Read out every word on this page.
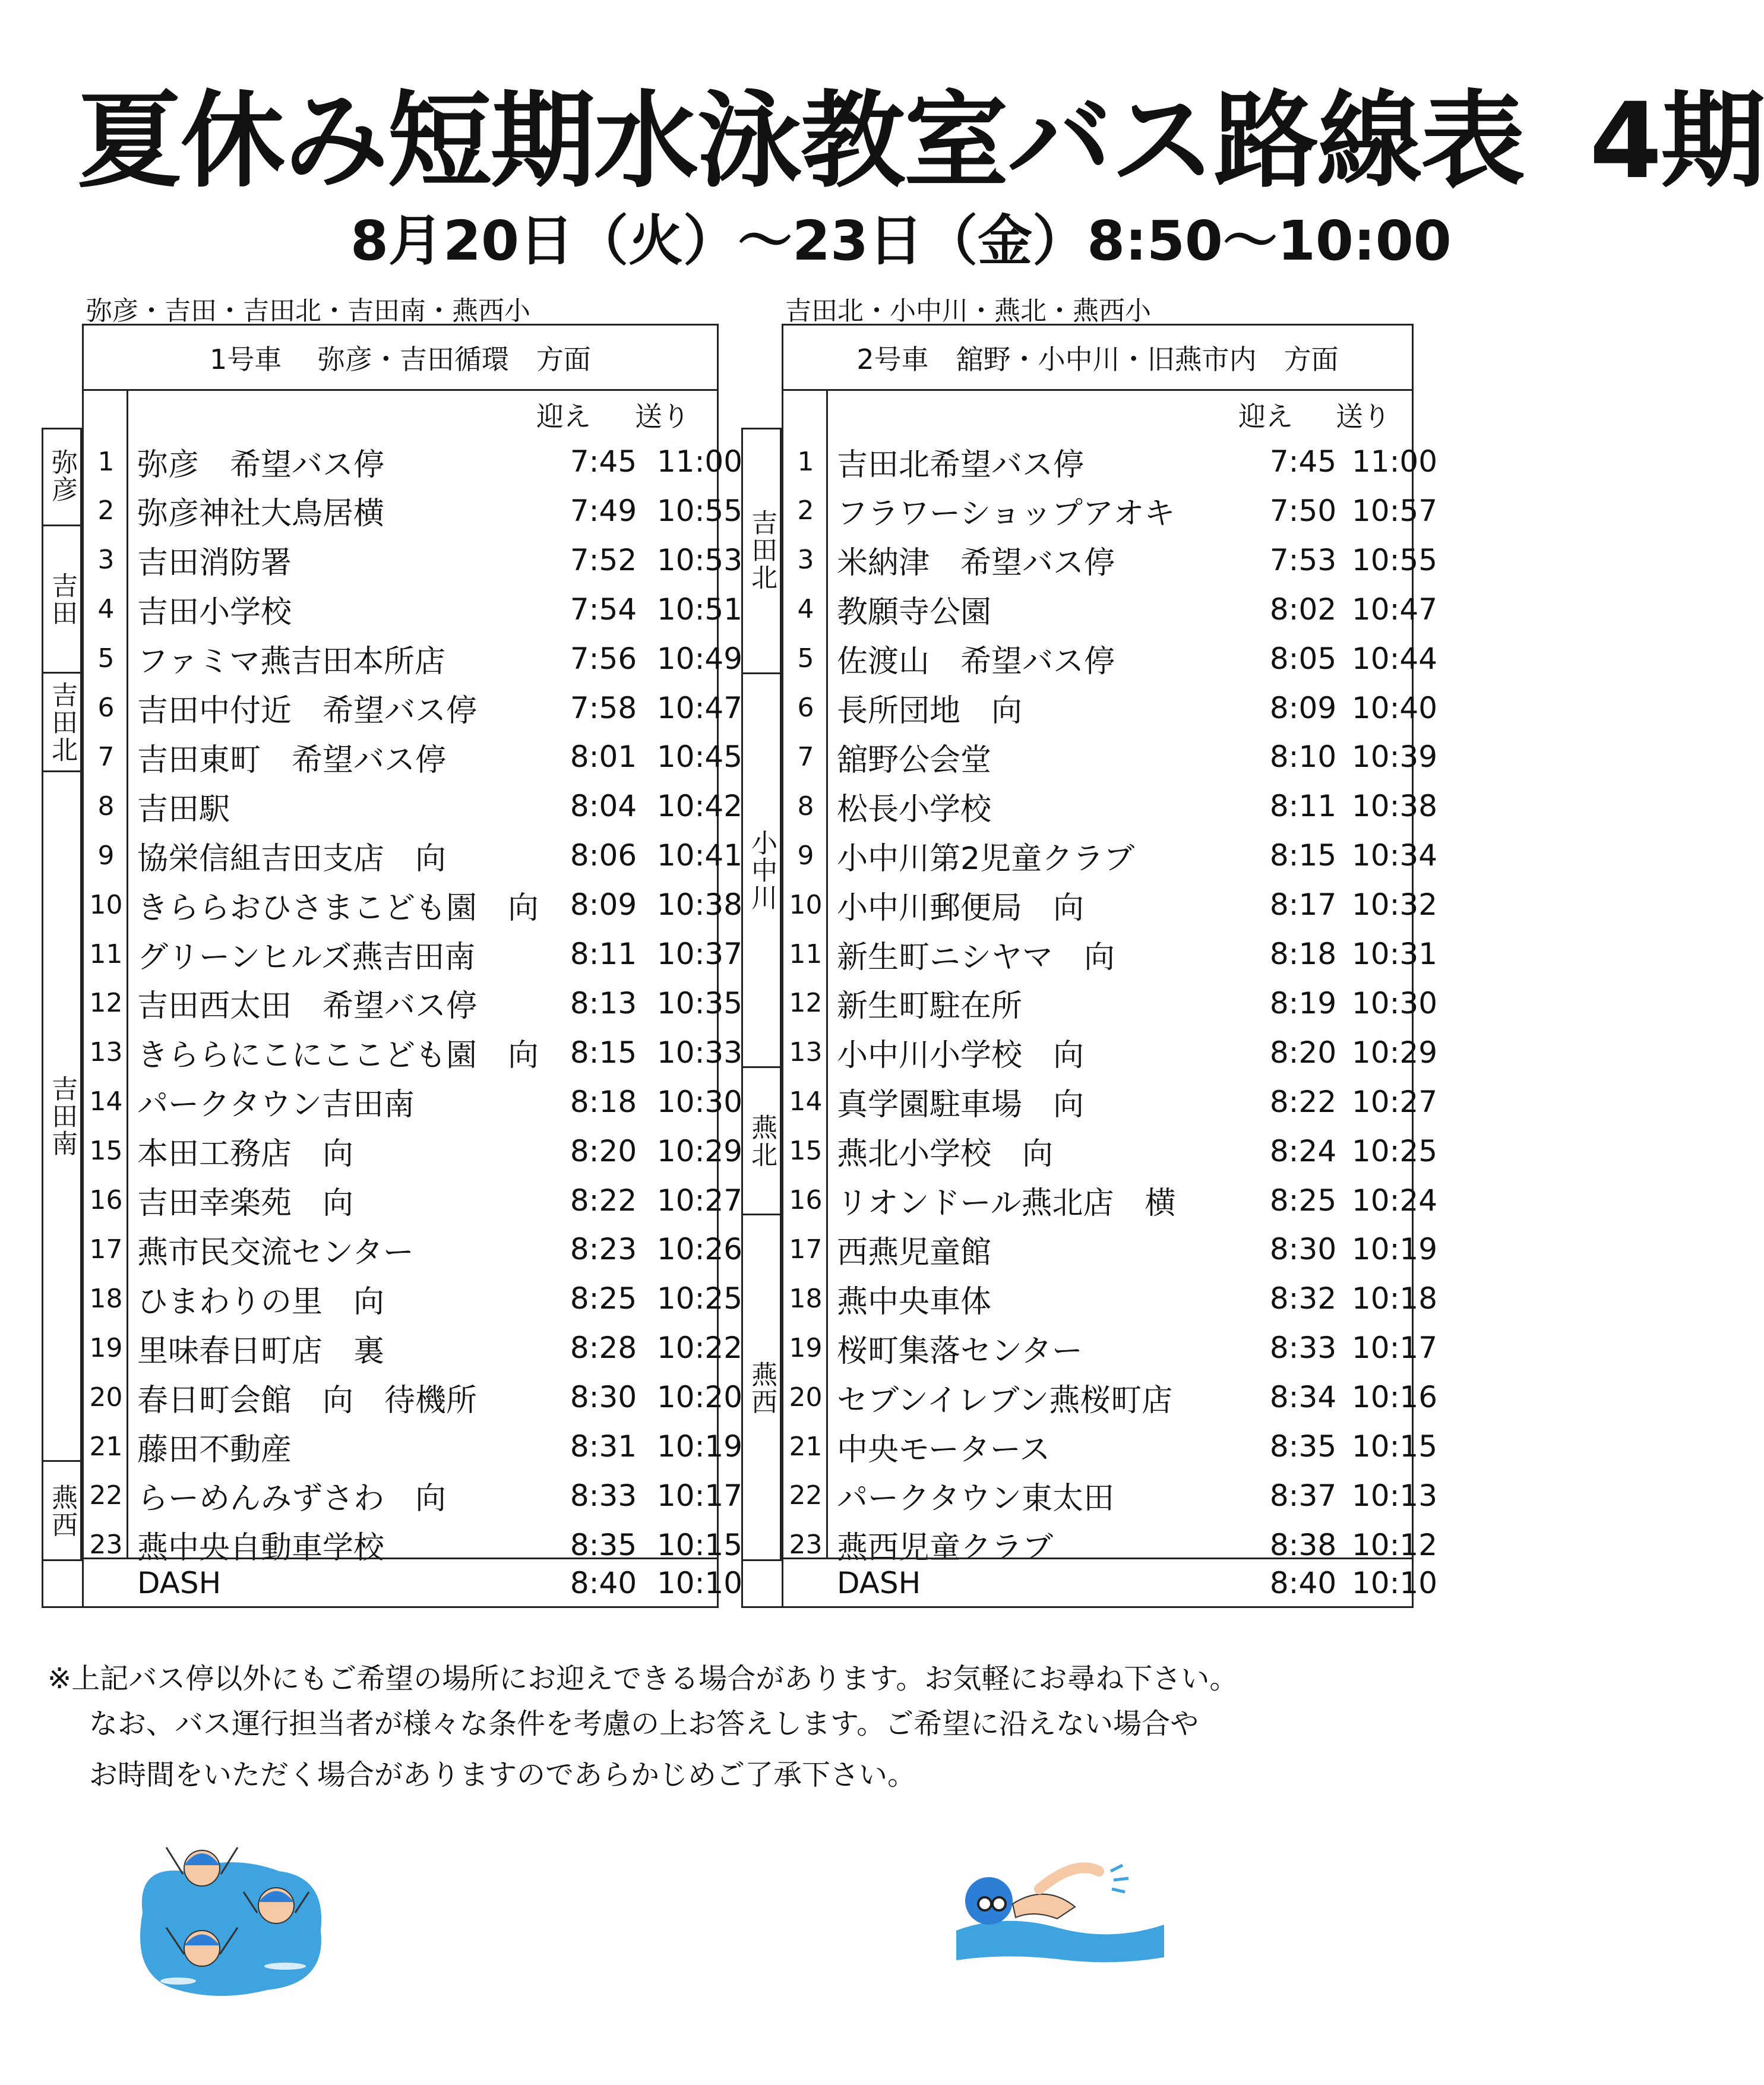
夏休み短期水泳教室バス路線表 4期
8月20日（火）～23日（金）8:50～10:00
弥彦・吉田・吉田北・吉田南・燕西小	吉田北・小中川・燕北・燕西小
弥彦
吉田
吉田北
吉田南
燕西
1号車　 弥彦・吉田循環　方面
迎え 送り
1 弥彦　希望バス停	7:45 11:00
2 弥彦神社大鳥居横	7:49 10:55
3 吉田消防署	7:52 10:53
4 吉田小学校	7:54 10:51
5 ファミマ燕吉田本所店	7:56 10:49
6 吉田中付近　希望バス停	7:58 10:47
7 吉田東町　希望バス停	8:01 10:45
8 吉田駅	8:04 10:42
9 協栄信組吉田支店　向	8:06 10:41
10 きららおひさまこども園　向	8:09 10:38
11 グリーンヒルズ燕吉田南	8:11 10:37
12 吉田西太田　希望バス停	8:13 10:35
13 きららにこにここども園　向	8:15 10:33
14 パークタウン吉田南	8:18 10:30
15 本田工務店　向	8:20 10:29
16 吉田幸楽苑　向	8:22 10:27
17 燕市民交流センター	8:23 10:26
18 ひまわりの里　向	8:25 10:25
19 里味春日町店　裏	8:28 10:22
20 春日町会館　向　待機所	8:30 10:20
21 藤田不動産	8:31 10:19
22 らーめんみずさわ　向	8:33 10:17
23 燕中央自動車学校	8:35 10:15
DASH	8:40 10:10
吉田北
小中川
燕北
燕西
2号車　舘野・小中川・旧燕市内　方面
迎え 送り
1 吉田北希望バス停	7:45 11:00
2 フラワーショップアオキ	7:50 10:57
3 米納津　希望バス停	7:53 10:55
4 教願寺公園	8:02 10:47
5 佐渡山　希望バス停	8:05 10:44
6 長所団地　向	8:09 10:40
7 舘野公会堂	8:10 10:39
8 松長小学校	8:11 10:38
9 小中川第2児童クラブ	8:15 10:34
10 小中川郵便局　向	8:17 10:32
11 新生町ニシヤマ　向	8:18 10:31
12 新生町駐在所	8:19 10:30
13 小中川小学校　向	8:20 10:29
14 真学園駐車場　向	8:22 10:27
15 燕北小学校　向	8:24 10:25
16 リオンドール燕北店　横	8:25 10:24
17 西燕児童館	8:30 10:19
18 燕中央車体	8:32 10:18
19 桜町集落センター	8:33 10:17
20 セブンイレブン燕桜町店	8:34 10:16
21 中央モータース	8:35 10:15
22 パークタウン東太田	8:37 10:13
23 燕西児童クラブ	8:38 10:12
DASH	8:40 10:10
※上記バス停以外にもご希望の場所にお迎えできる場合があります。お気軽にお尋ね下さい。
なお、バス運行担当者が様々な条件を考慮の上お答えします。ご希望に沿えない場合や
お時間をいただく場合がありますのであらかじめご了承下さい。
